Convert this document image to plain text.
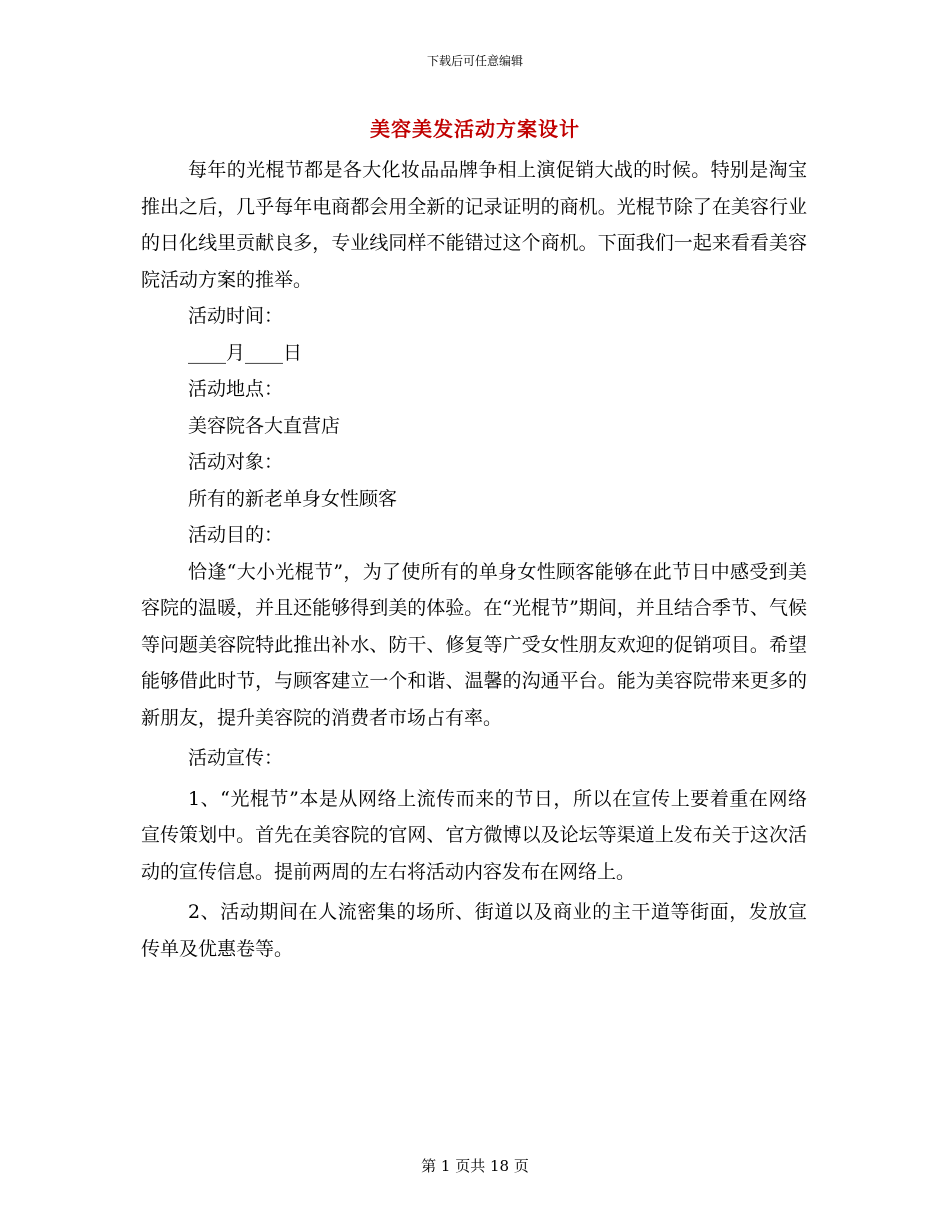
下载后可任意编辑
美容美发活动方案设计

每年的光棍节都是各大化妆品品牌争相上演促销大战的时候。特别是淘宝推出之后，几乎每年电商都会用全新的记录证明的商机。光棍节除了在美容行业的日化线里贡献良多，专业线同样不能错过这个商机。下面我们一起来看看美容院活动方案的推举。

活动时间：

____月____日

活动地点：

美容院各大直营店

活动对象：

所有的新老单身女性顾客

活动目的：

恰逢“大小光棍节”，为了使所有的单身女性顾客能够在此节日中感受到美容院的温暖，并且还能够得到美的体验。在“光棍节”期间，并且结合季节、气候等问题美容院特此推出补水、防干、修复等广受女性朋友欢迎的促销项目。希望能够借此时节，与顾客建立一个和谐、温馨的沟通平台。能为美容院带来更多的新朋友，提升美容院的消费者市场占有率。

活动宣传：

1、“光棍节”本是从网络上流传而来的节日，所以在宣传上要着重在网络宣传策划中。首先在美容院的官网、官方微博以及论坛等渠道上发布关于这次活动的宣传信息。提前两周的左右将活动内容发布在网络上。

2、活动期间在人流密集的场所、街道以及商业的主干道等街面，发放宣传单及优惠卷等。

第 1 页共 18 页
